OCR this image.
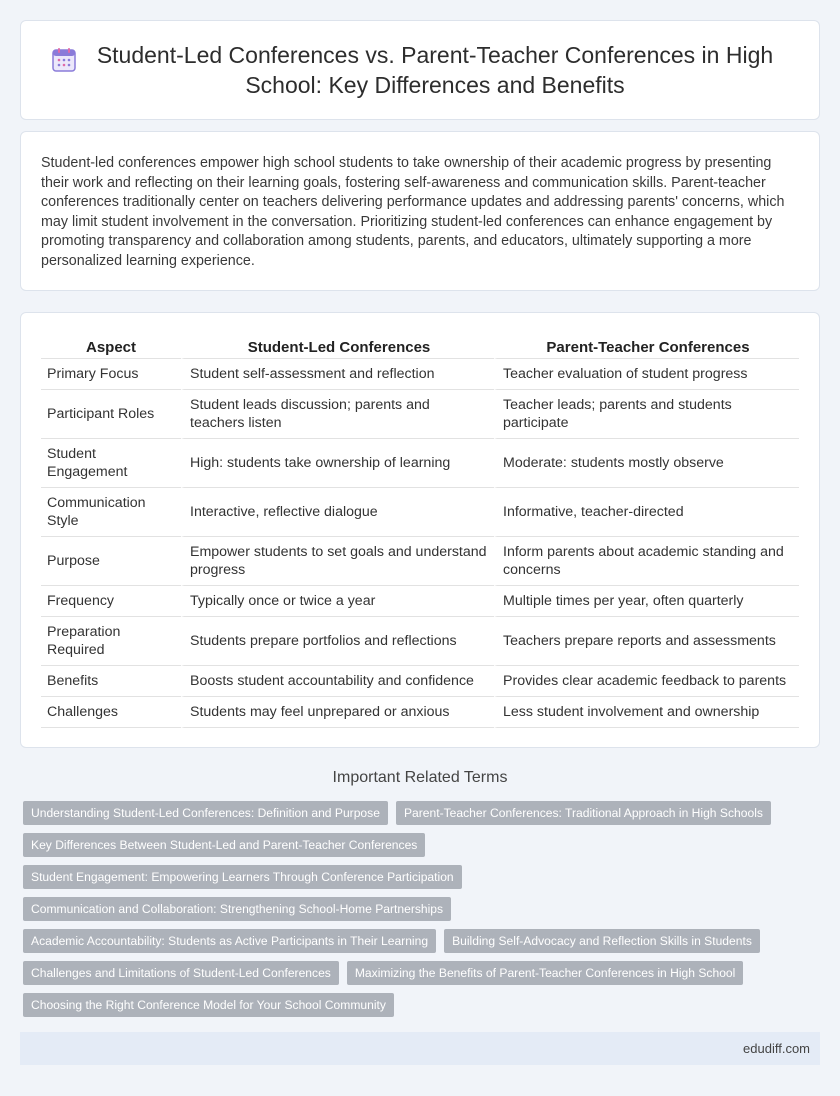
Student-Led Conferences vs. Parent-Teacher Conferences in High School: Key Differences and Benefits

Student-led conferences empower high school students to take ownership of their academic progress by presenting their work and reflecting on their learning goals, fostering self-awareness and communication skills. Parent-teacher conferences traditionally center on teachers delivering performance updates and addressing parents' concerns, which may limit student involvement in the conversation. Prioritizing student-led conferences can enhance engagement by promoting transparency and collaboration among students, parents, and educators, ultimately supporting a more personalized learning experience.

Aspect	Student-Led Conferences	Parent-Teacher Conferences
Primary Focus	Student self-assessment and reflection	Teacher evaluation of student progress
Participant Roles	Student leads discussion; parents and teachers listen	Teacher leads; parents and students participate
Student Engagement	High: students take ownership of learning	Moderate: students mostly observe
Communication Style	Interactive, reflective dialogue	Informative, teacher-directed
Purpose	Empower students to set goals and understand progress	Inform parents about academic standing and concerns
Frequency	Typically once or twice a year	Multiple times per year, often quarterly
Preparation Required	Students prepare portfolios and reflections	Teachers prepare reports and assessments
Benefits	Boosts student accountability and confidence	Provides clear academic feedback to parents
Challenges	Students may feel unprepared or anxious	Less student involvement and ownership
Important Related Terms
Understanding Student-Led Conferences: Definition and Purpose	Parent-Teacher Conferences: Traditional Approach in High Schools
Key Differences Between Student-Led and Parent-Teacher Conferences
Student Engagement: Empowering Learners Through Conference Participation
Communication and Collaboration: Strengthening School-Home Partnerships
Academic Accountability: Students as Active Participants in Their Learning	Building Self-Advocacy and Reflection Skills in Students
Challenges and Limitations of Student-Led Conferences	Maximizing the Benefits of Parent-Teacher Conferences in High School
Choosing the Right Conference Model for Your School Community
edudiff.com
